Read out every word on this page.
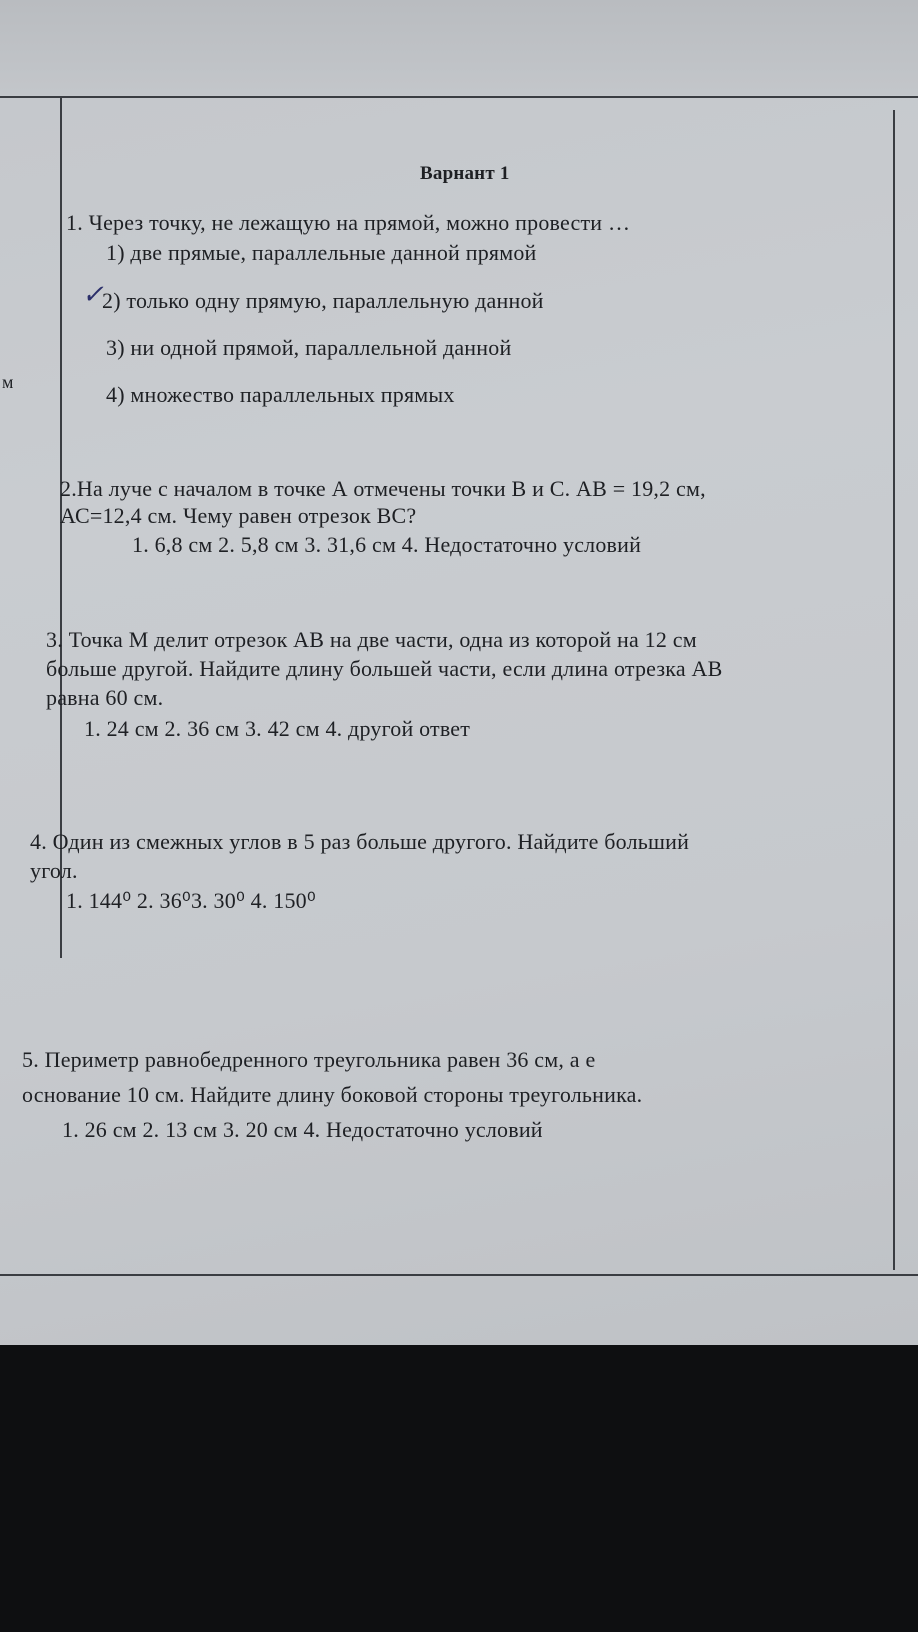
Варнант 1
м
1. Через точку, не лежащую на прямой, можно провести …
1) две прямые, параллельные данной прямой
✓
2) только одну прямую, параллельную данной
3) ни одной прямой, параллельной данной
4) множество параллельных прямых
2.На луче с началом в точке А отмечены точки В и С. АВ = 19,2 см,
АС=12,4 см. Чему равен отрезок ВС?
1. 6,8 см 2. 5,8 см 3. 31,6 см 4. Недостаточно условий
3. Точка М делит отрезок АВ на две части, одна из которой на 12 см
больше другой. Найдите длину большей части, если длина отрезка АВ
равна 60 см.
1. 24 см 2. 36 см 3. 42 см 4. другой ответ
4. Один из смежных углов в 5 раз больше другого. Найдите больший
угол.
1. 144⁰ 2. 36⁰3. 30⁰ 4. 150⁰
5. Периметр равнобедренного треугольника равен 36 см, а е
основание 10 см. Найдите длину боковой стороны треугольника.
1. 26 см 2. 13 см 3. 20 см 4. Недостаточно условий
